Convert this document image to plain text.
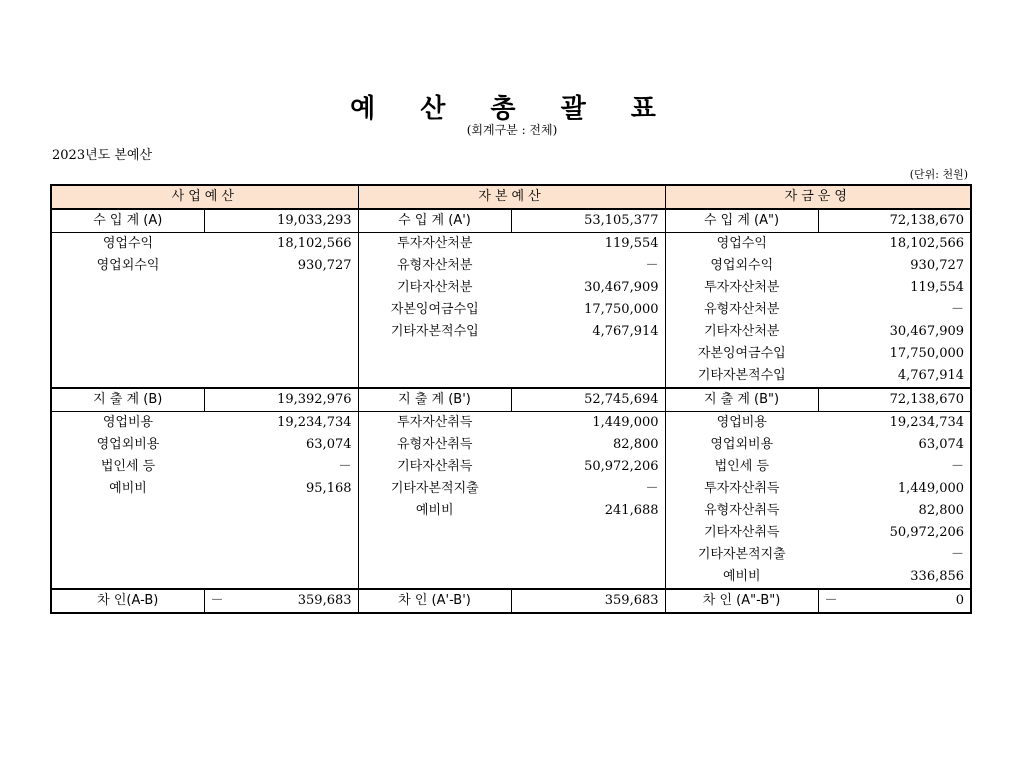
예 산 총 괄 표
(회계구분 : 전체)
2023년도 본예산
(단위: 천원)
사업예산		자본예산		자금운영	
수 입 계 (A)	19,033,293	수 입 계 (A')	53,105,377	수 입 계 (A")	72,138,670
영업수익	18,102,566	투자자산처분	119,554	영업수익	18,102,566
영업외수익	930,727	유형자산처분	－	영업외수익	930,727
		기타자산처분	30,467,909	투자자산처분	119,554
		자본잉여금수입	17,750,000	유형자산처분	－
		기타자본적수입	4,767,914	기타자산처분	30,467,909
				자본잉여금수입	17,750,000
				기타자본적수입	4,767,914
지 출 계 (B)	19,392,976	지 출 계 (B')	52,745,694	지 출 계 (B")	72,138,670
영업비용	19,234,734	투자자산취득	1,449,000	영업비용	19,234,734
영업외비용	63,074	유형자산취득	82,800	영업외비용	63,074
법인세 등	－	기타자산취득	50,972,206	법인세 등	－
예비비	95,168	기타자본적지출	－	투자자산취득	1,449,000
		예비비	241,688	유형자산취득	82,800
				기타자산취득	50,972,206
				기타자본적지출	－
				예비비	336,856
차 인(A-B)	－ 359,683	차 인 (A'-B')	359,683	차 인 (A"-B")	－ 0
